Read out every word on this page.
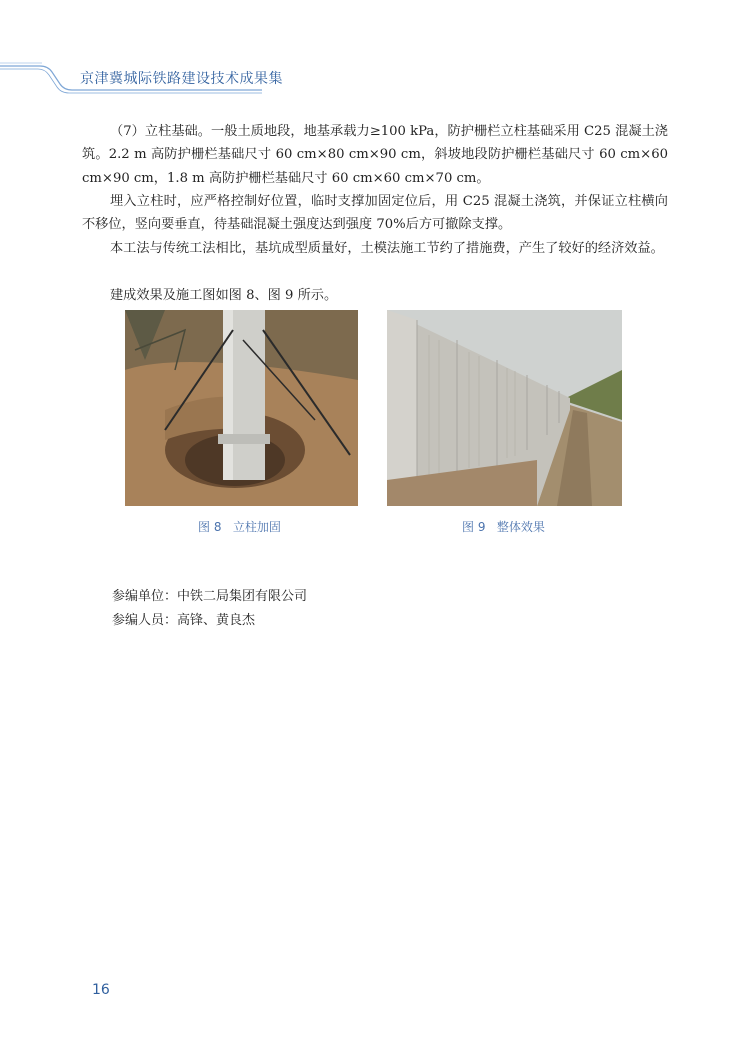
京津冀城际铁路建设技术成果集

（7）立柱基础。一般土质地段，地基承载力≥100 kPa，防护栅栏立柱基础采用 C25 混凝土浇筑。2.2 m 高防护栅栏基础尺寸 60 cm×80 cm×90 cm，斜坡地段防护栅栏基础尺寸 60 cm×60 cm×90 cm，1.8 m 高防护栅栏基础尺寸 60 cm×60 cm×70 cm。

埋入立柱时，应严格控制好位置，临时支撑加固定位后，用 C25 混凝土浇筑，并保证立柱横向不移位，竖向要垂直，待基础混凝土强度达到强度 70%后方可撤除支撑。

本工法与传统工法相比，基坑成型质量好，土模法施工节约了措施费，产生了较好的经济效益。

建成效果及施工图如图 8、图 9 所示。

图 8   立柱加固	图 9   整体效果
参编单位：中铁二局集团有限公司
参编人员：高锋、黄良杰
16
